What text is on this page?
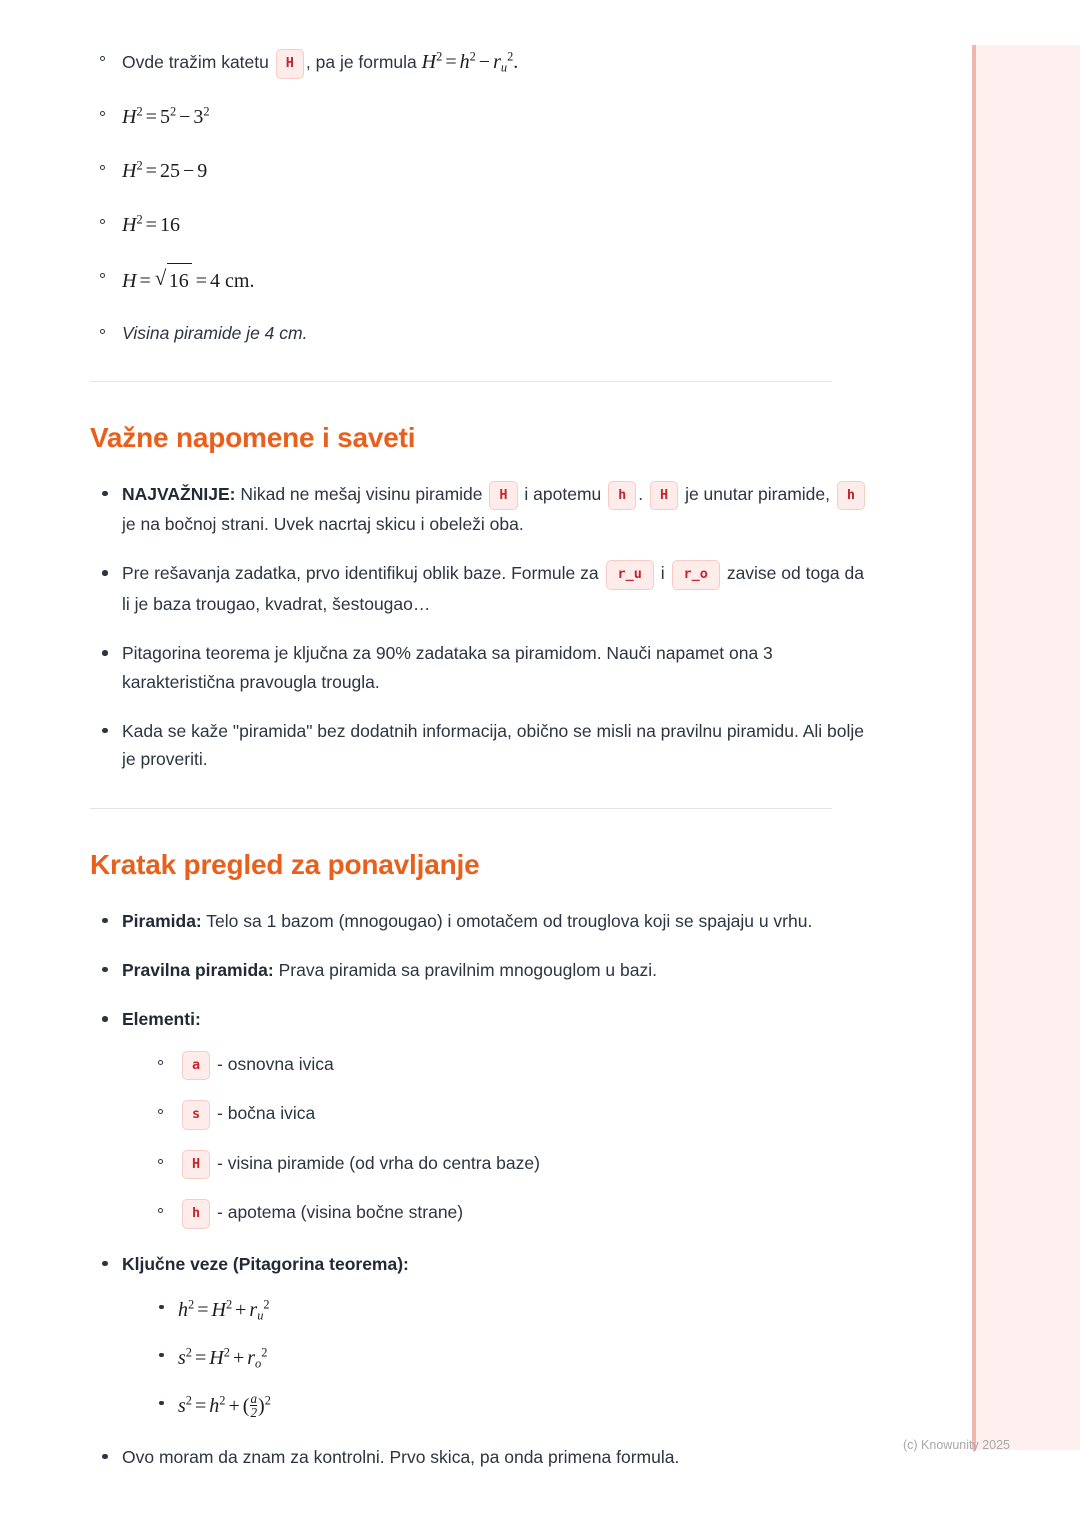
Ovde tražim katetu H , pa je formula $H^2 = h^2 - r_u^2$.
$H^2 = 5^2 - 3^2$
$H^2 = 25 - 9$
$H^2 = 16$
H = √ 16 = 4 cm.
Visina piramide je 4 cm.
Važne napomene i saveti
NAJVAŽNIJE: Nikad ne mešaj visinu piramide H i apotemu h . H je unutar piramide, h je na bočnoj strani. Uvek nacrtaj skicu i obeleži oba.
Pre rešavanja zadatka, prvo identifikuj oblik baze. Formule za r_u i r_o zavise od toga da li je baza trougao, kvadrat, šestougao…
Pitagorina teorema je ključna za 90% zadataka sa piramidom. Nauči napamet ona 3 karakteristična pravougla trougla.
Kada se kaže "piramida" bez dodatnih informacija, obično se misli na pravilnu piramidu. Ali bolje je proveriti.
Kratak pregled za ponavljanje
Piramida: Telo sa 1 bazom (mnogougao) i omotačem od trouglova koji se spajaju u vrhu.
Pravilna piramida: Prava piramida sa pravilnim mnogouglom u bazi.
Elementi:
a - osnovna ivica
s - bočna ivica
H - visina piramide (od vrha do centra baze)
h - apotema (visina bočne strane)
Ključne veze (Pitagorina teorema):
$h^2 = H^2 + r_u^2$
$s^2 = H^2 + r_o^2$
$s^2 = h^2$ + ( $\frac{a}{2} )^2$
Ovo moram da znam za kontrolni. Prvo skica, pa onda primena formula.
(c) Knowunity 2025
